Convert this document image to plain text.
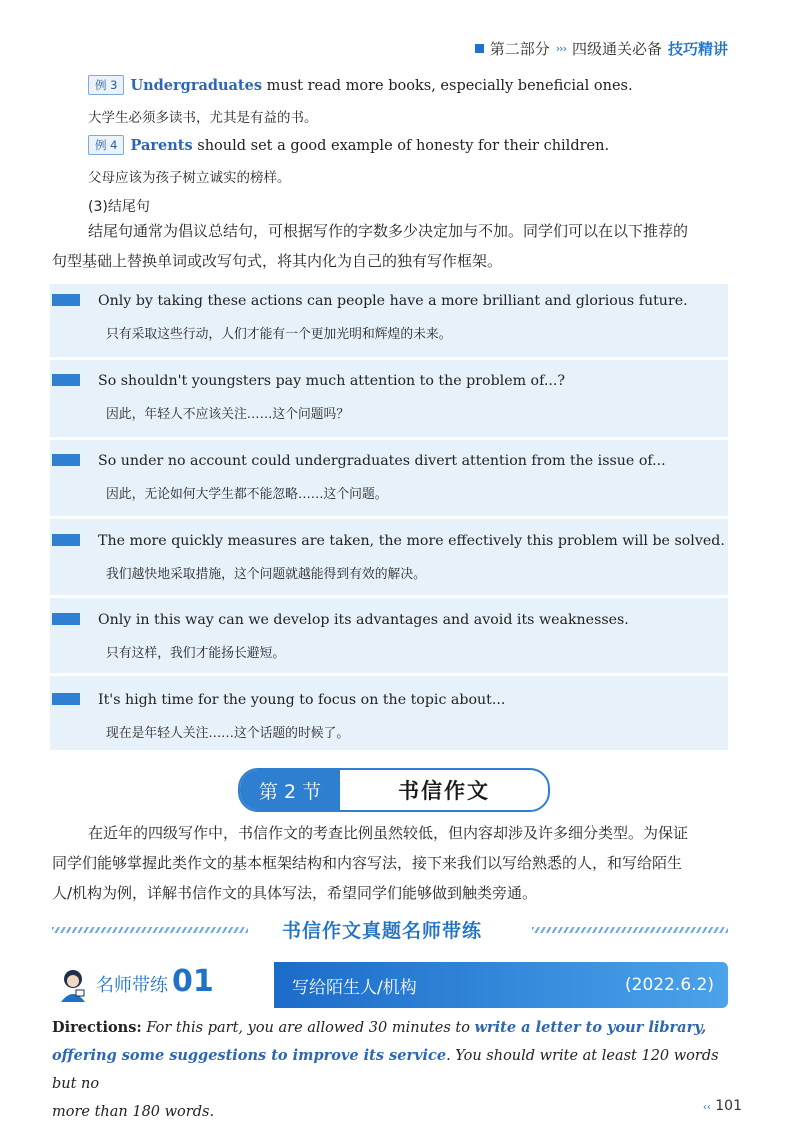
第二部分 ››› 四级通关必备 技巧精讲
例 3 Undergraduates must read more books, especially beneficial ones.
大学生必须多读书，尤其是有益的书。
例 4 Parents should set a good example of honesty for their children.
父母应该为孩子树立诚实的榜样。
(3)结尾句
结尾句通常为倡议总结句，可根据写作的字数多少决定加与不加。同学们可以在以下推荐的
句型基础上替换单词或改写句式，将其内化为自己的独有写作框架。
Only by taking these actions can people have a more brilliant and glorious future.
只有采取这些行动，人们才能有一个更加光明和辉煌的未来。
So shouldn't youngsters pay much attention to the problem of...?
因此，年轻人不应该关注……这个问题吗？
So under no account could undergraduates divert attention from the issue of...
因此，无论如何大学生都不能忽略……这个问题。
The more quickly measures are taken, the more effectively this problem will be solved.
我们越快地采取措施，这个问题就越能得到有效的解决。
Only in this way can we develop its advantages and avoid its weaknesses.
只有这样，我们才能扬长避短。
It's high time for the young to focus on the topic about...
现在是年轻人关注……这个话题的时候了。
第 2 节	书信作文
在近年的四级写作中，书信作文的考查比例虽然较低，但内容却涉及许多细分类型。为保证
同学们能够掌握此类作文的基本框架结构和内容写法，接下来我们以写给熟悉的人，和写给陌生
人/机构为例，详解书信作文的具体写法，希望同学们能够做到触类旁通。
书信作文真题名师带练
名师带练 01	写给陌生人/机构	(2022.6.2)
Directions: For this part, you are allowed 30 minutes to write a letter to your library,
offering some suggestions to improve its service. You should write at least 120 words but no
more than 180 words.	‹‹ 101
